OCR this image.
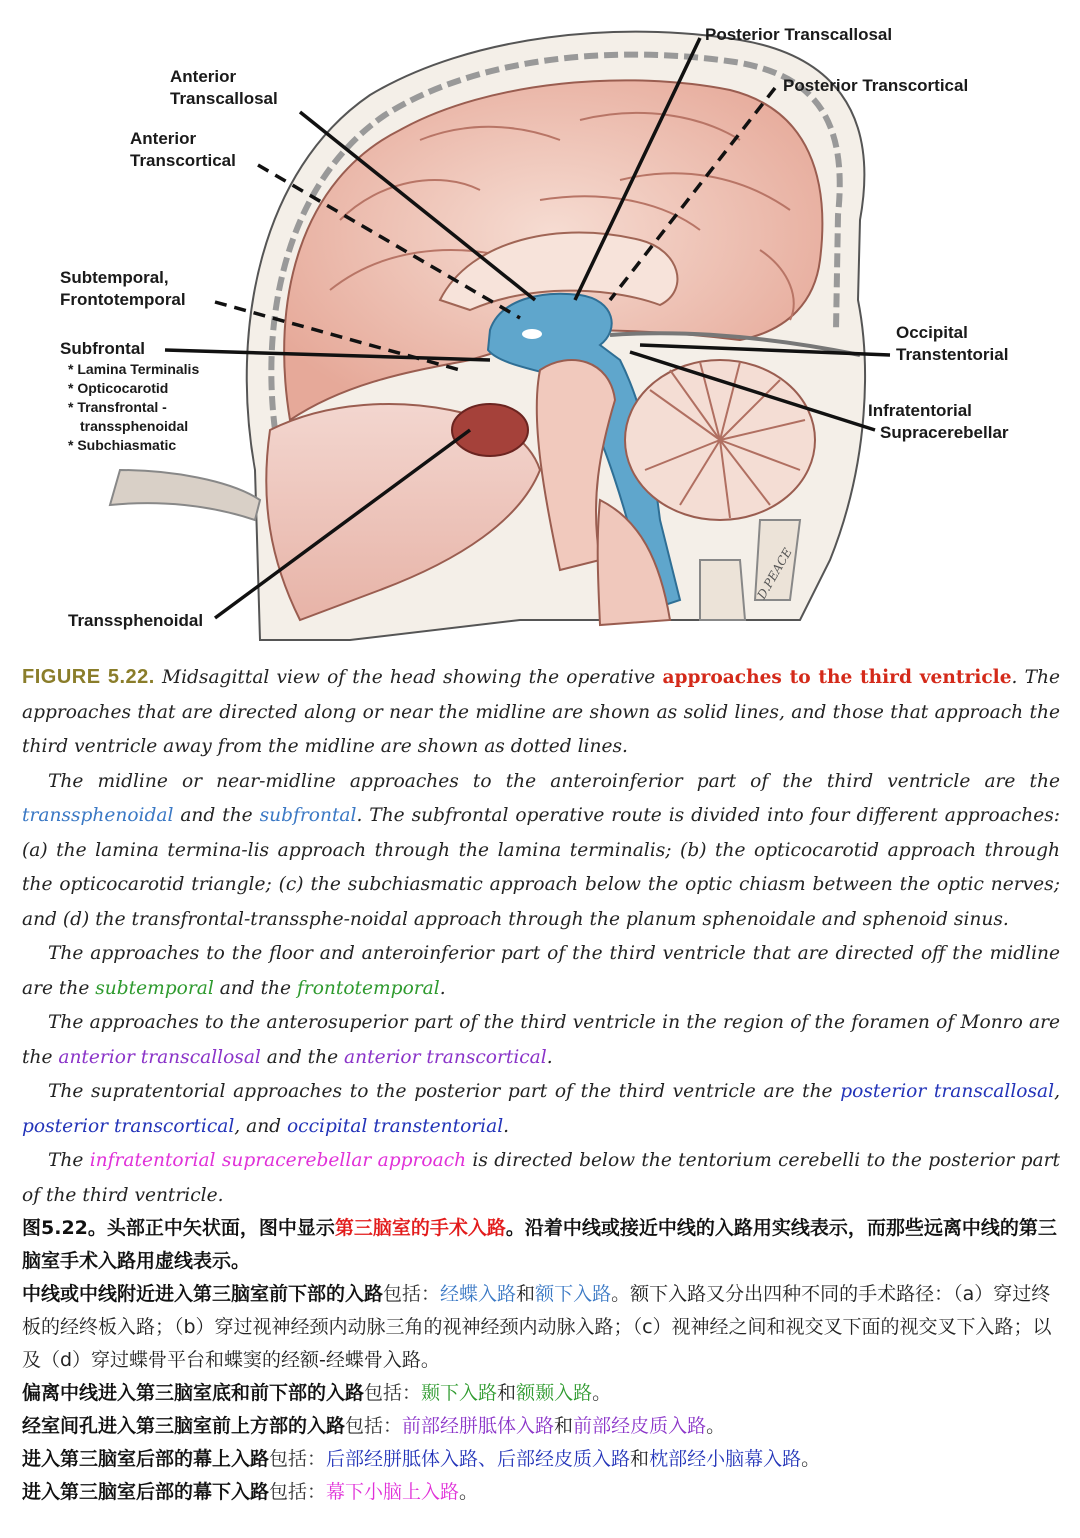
D.PEACE
Anterior
Transcallosal
Anterior
Transcortical
Posterior Transcallosal
Posterior Transcortical
Subtemporal,
Frontotemporal
Subfrontal
* Lamina Terminalis
* Opticocarotid
* Transfrontal -
transsphenoidal
* Subchiasmatic
Occipital
Transtentorial
Infratentorial
Supracerebellar
Transsphenoidal

FIGURE 5.22. Midsagittal view of the head showing the operative approaches to the third ventricle. The approaches that are directed along or near the midline are shown as solid lines, and those that approach the third ventricle away from the midline are shown as dotted lines.

The midline or near-midline approaches to the anteroinferior part of the third ventricle are the transsphenoidal and the subfrontal. The subfrontal operative route is divided into four different approaches: (a) the lamina termina-lis approach through the lamina terminalis; (b) the opticocarotid approach through the opticocarotid triangle; (c) the subchiasmatic approach below the optic chiasm between the optic nerves; and (d) the transfrontal-transsphe-noidal approach through the planum sphenoidale and sphenoid sinus.

The approaches to the floor and anteroinferior part of the third ventricle that are directed off the midline are the subtemporal and the frontotemporal.

The approaches to the anterosuperior part of the third ventricle in the region of the foramen of Monro are the anterior transcallosal and the anterior transcortical.

The supratentorial approaches to the posterior part of the third ventricle are the posterior transcallosal, posterior transcortical, and occipital transtentorial.

The infratentorial supracerebellar approach is directed below the tentorium cerebelli to the posterior part of the third ventricle.

图5.22。头部正中矢状面，图中显示第三脑室的手术入路。沿着中线或接近中线的入路用实线表示，而那些远离中线的第三脑室手术入路用虚线表示。

中线或中线附近进入第三脑室前下部的入路包括：经蝶入路和额下入路。额下入路又分出四种不同的手术路径：（a）穿过终板的经终板入路；（b）穿过视神经颈内动脉三角的视神经颈内动脉入路；（c）视神经之间和视交叉下面的视交叉下入路；以及（d）穿过蝶骨平台和蝶窦的经额-经蝶骨入路。

偏离中线进入第三脑室底和前下部的入路包括：颞下入路和额颞入路。

经室间孔进入第三脑室前上方部的入路包括：前部经胼胝体入路和前部经皮质入路。

进入第三脑室后部的幕上入路包括：后部经胼胝体入路、后部经皮质入路和枕部经小脑幕入路。

进入第三脑室后部的幕下入路包括：幕下小脑上入路。
